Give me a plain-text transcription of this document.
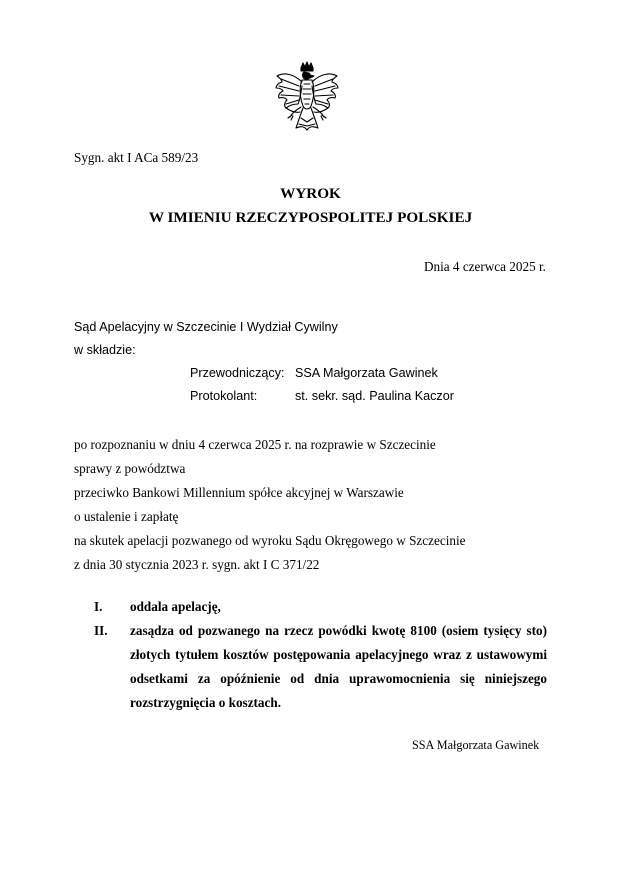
Sygn. akt I ACa 589/23
WYROK
W IMIENIU RZECZYPOSPOLITEJ POLSKIEJ
Dnia 4 czerwca 2025 r.
Sąd Apelacyjny w Szczecinie I Wydział Cywilny
w składzie:
Przewodniczący: SSA Małgorzata Gawinek
Protokolant:	st. sekr. sąd. Paulina Kaczor
po rozpoznaniu w dniu 4 czerwca 2025 r. na rozprawie w Szczecinie
sprawy z powództwa
przeciwko Bankowi Millennium spółce akcyjnej w Warszawie
o ustalenie i zapłatę
na skutek apelacji pozwanego od wyroku Sądu Okręgowego w Szczecinie
z dnia 30 stycznia 2023 r. sygn. akt I C 371/22
I. oddala apelację,
II. zasądza od pozwanego na rzecz powódki kwotę 8100 (osiem tysięcy sto) złotych tytułem kosztów postępowania apelacyjnego wraz z ustawowymi odsetkami za opóźnienie od dnia uprawomocnienia się niniejszego rozstrzygnięcia o kosztach.
SSA Małgorzata Gawinek
